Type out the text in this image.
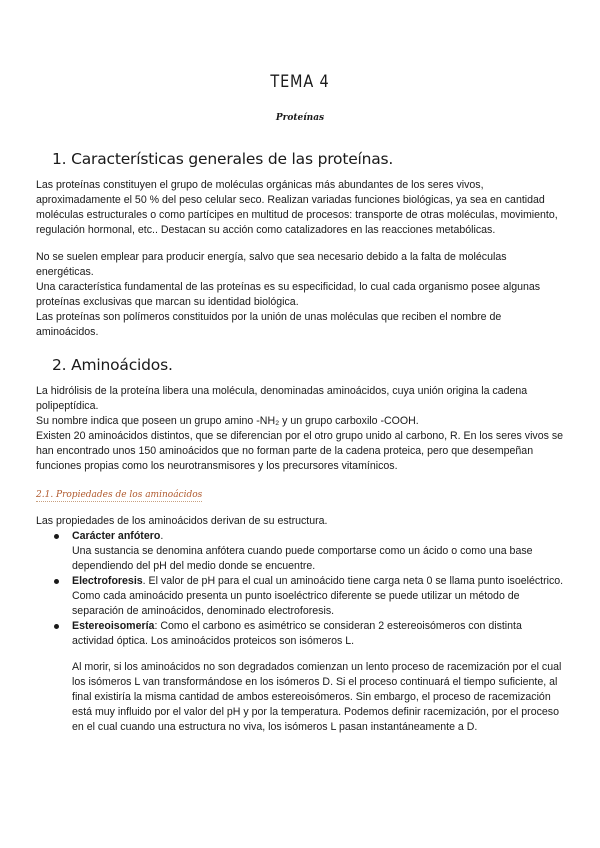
TEMA 4
Proteínas
1. Características generales de las proteínas.

Las proteínas constituyen el grupo de moléculas orgánicas más abundantes de los seres vivos, aproximadamente el 50 % del peso celular seco. Realizan variadas funciones biológicas, ya sea en cantidad moléculas estructurales o como partícipes en multitud de procesos: transporte de otras moléculas, movimiento, regulación hormonal, etc.. Destacan su acción como catalizadores en las reacciones metabólicas.

No se suelen emplear para producir energía, salvo que sea necesario debido a la falta de moléculas energéticas.

Una característica fundamental de las proteínas es su especificidad, lo cual cada organismo posee algunas proteínas exclusivas que marcan su identidad biológica.

Las proteínas son polímeros constituidos por la unión de unas moléculas que reciben el nombre de aminoácidos.

2. Aminoácidos.

La hidrólisis de la proteína libera una molécula, denominadas aminoácidos, cuya unión origina la cadena polipeptídica.

Su nombre indica que poseen un grupo amino -NH₂ y un grupo carboxilo -COOH.

Existen 20 aminoácidos distintos, que se diferencian por el otro grupo unido al carbono, R. En los seres vivos se han encontrado unos 150 aminoácidos que no forman parte de la cadena proteica, pero que desempeñan funciones propias como los neurotransmisores y los precursores vitamínicos.

2.1. Propiedades de los aminoácidos

Las propiedades de los aminoácidos derivan de su estructura.

Carácter anfótero.
Una sustancia se denomina anfótera cuando puede comportarse como un ácido o como una base dependiendo del pH del medio donde se encuentre.
Electroforesis. El valor de pH para el cual un aminoácido tiene carga neta 0 se llama punto isoeléctrico. Como cada aminoácido presenta un punto isoeléctrico diferente se puede utilizar un método de separación de aminoácidos, denominado electroforesis.
Estereoisomería: Como el carbono es asimétrico se consideran 2 estereoisómeros con distinta actividad óptica. Los aminoácidos proteicos son isómeros L.

Al morir, si los aminoácidos no son degradados comienzan un lento proceso de racemización por el cual los isómeros L van transformándose en los isómeros D. Si el proceso continuará el tiempo suficiente, al final existiría la misma cantidad de ambos estereoisómeros. Sin embargo, el proceso de racemización está muy influido por el valor del pH y por la temperatura. Podemos definir racemización, por el proceso en el cual cuando una estructura no viva, los isómeros L pasan instantáneamente a D.
